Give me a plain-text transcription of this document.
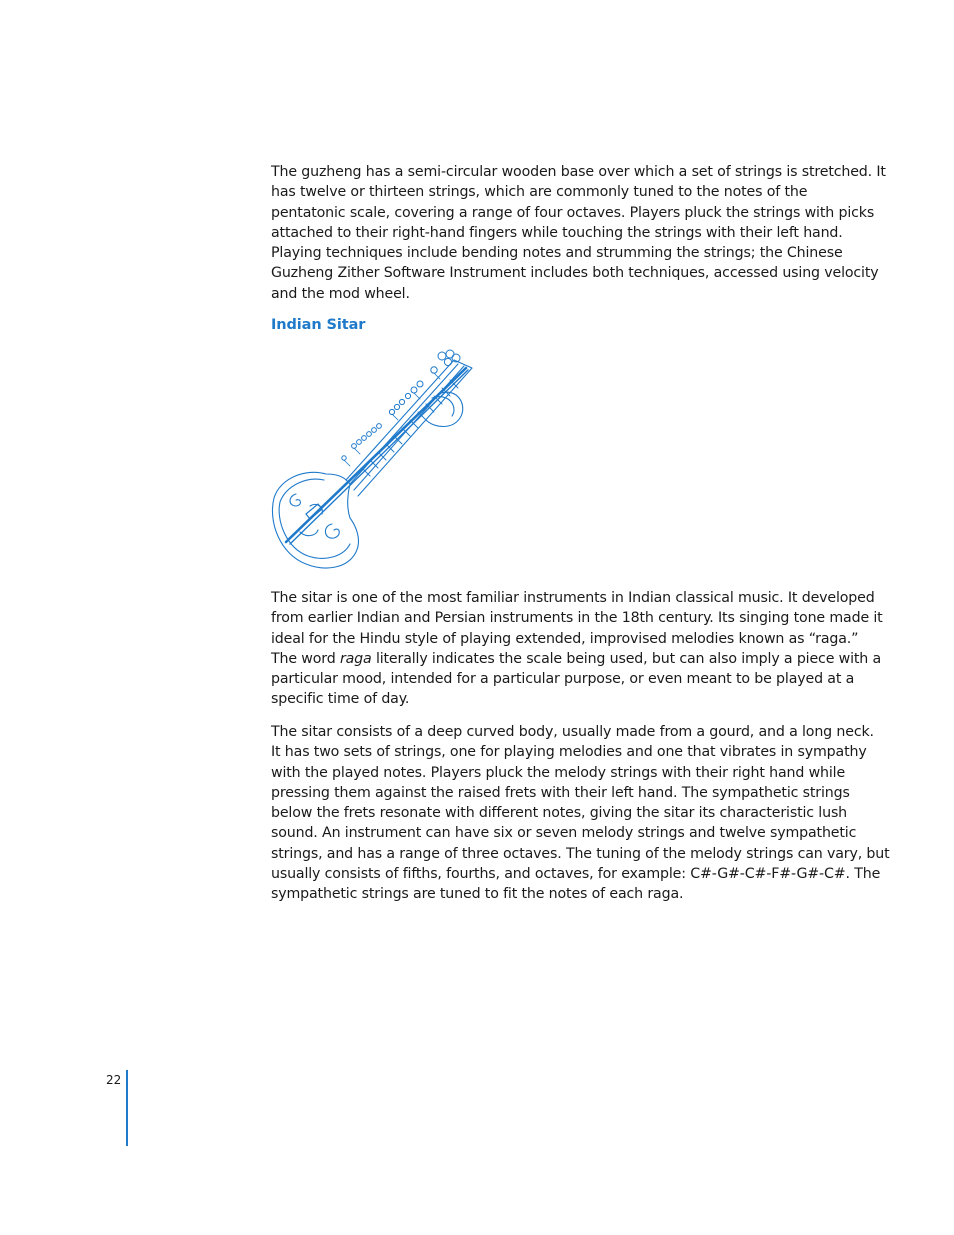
The guzheng has a semi-circular wooden base over which a set of strings is stretched. It
has twelve or thirteen strings, which are commonly tuned to the notes of the
pentatonic scale, covering a range of four octaves. Players pluck the strings with picks
attached to their right-hand fingers while touching the strings with their left hand.
Playing techniques include bending notes and strumming the strings; the Chinese
Guzheng Zither Software Instrument includes both techniques, accessed using velocity
and the mod wheel.
Indian Sitar
The sitar is one of the most familiar instruments in Indian classical music. It developed
from earlier Indian and Persian instruments in the 18th century. Its singing tone made it
ideal for the Hindu style of playing extended, improvised melodies known as “raga.”
The word raga literally indicates the scale being used, but can also imply a piece with a
particular mood, intended for a particular purpose, or even meant to be played at a
specific time of day.
The sitar consists of a deep curved body, usually made from a gourd, and a long neck.
It has two sets of strings, one for playing melodies and one that vibrates in sympathy
with the played notes. Players pluck the melody strings with their right hand while
pressing them against the raised frets with their left hand. The sympathetic strings
below the frets resonate with different notes, giving the sitar its characteristic lush
sound. An instrument can have six or seven melody strings and twelve sympathetic
strings, and has a range of three octaves. The tuning of the melody strings can vary, but
usually consists of fifths, fourths, and octaves, for example: C#-G#-C#-F#-G#-C#. The
sympathetic strings are tuned to fit the notes of each raga.
22
